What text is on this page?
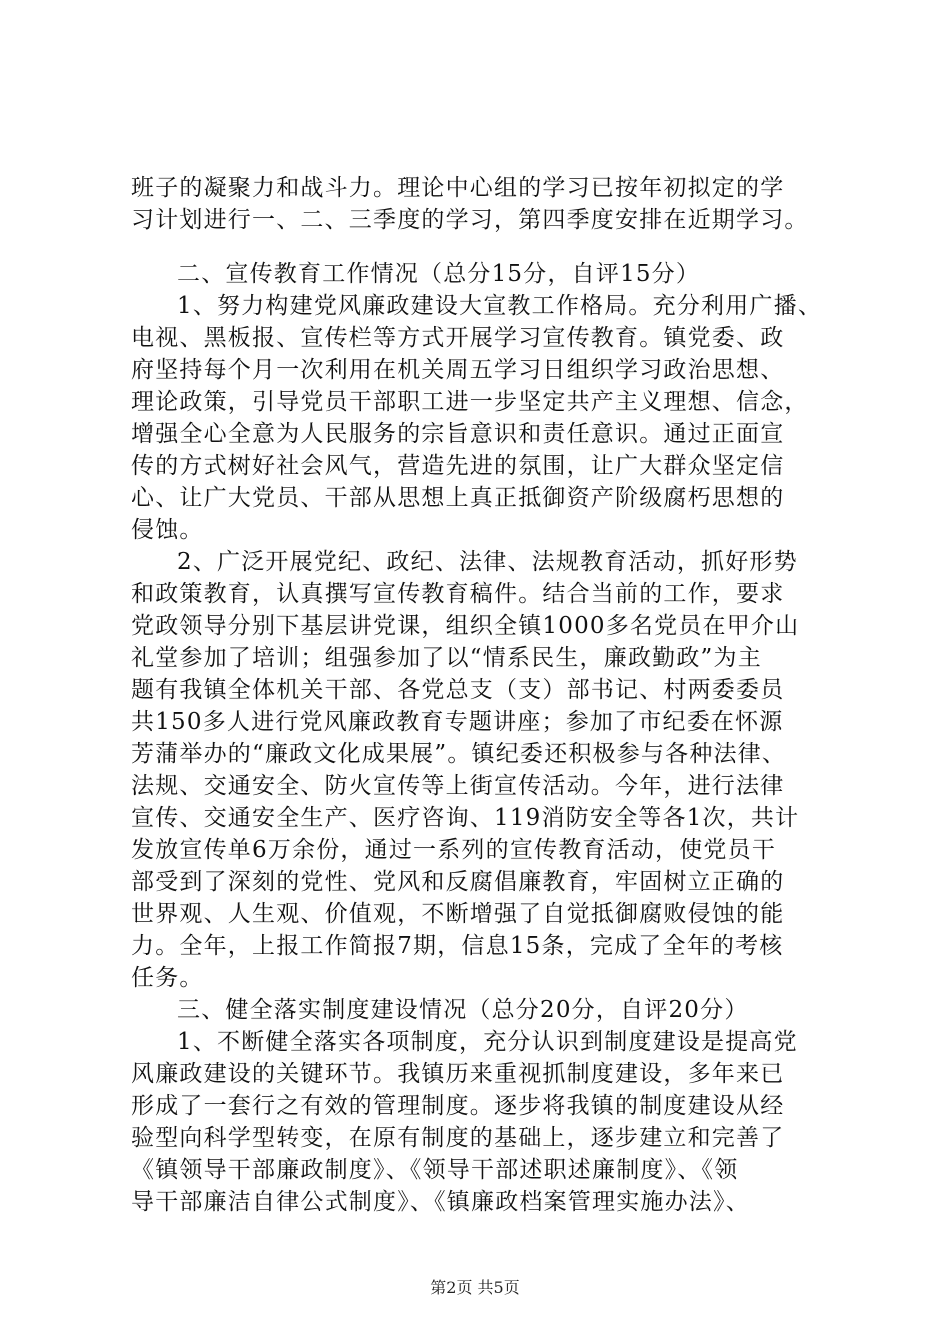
班子的凝聚力和战斗力。理论中心组的学习已按年初拟定的学
习计划进行一、二、三季度的学习，第四季度安排在近期学习。
二、宣传教育工作情况（总分15分，自评15分）
1、努力构建党风廉政建设大宣教工作格局。充分利用广播、
电视、黑板报、宣传栏等方式开展学习宣传教育。镇党委、政
府坚持每个月一次利用在机关周五学习日组织学习政治思想、
理论政策，引导党员干部职工进一步坚定共产主义理想、信念，
增强全心全意为人民服务的宗旨意识和责任意识。通过正面宣
传的方式树好社会风气，营造先进的氛围，让广大群众坚定信
心、让广大党员、干部从思想上真正抵御资产阶级腐朽思想的
侵蚀。
2、广泛开展党纪、政纪、法律、法规教育活动，抓好形势
和政策教育，认真撰写宣传教育稿件。结合当前的工作，要求
党政领导分别下基层讲党课，组织全镇1000多名党员在甲介山
礼堂参加了培训；组强参加了以“情系民生，廉政勤政”为主
题有我镇全体机关干部、各党总支（支）部书记、村两委委员
共150多人进行党风廉政教育专题讲座；参加了市纪委在怀源
芳蒲举办的“廉政文化成果展”。镇纪委还积极参与各种法律、
法规、交通安全、防火宣传等上街宣传活动。今年，进行法律
宣传、交通安全生产、医疗咨询、119消防安全等各1次，共计
发放宣传单6万余份，通过一系列的宣传教育活动，使党员干
部受到了深刻的党性、党风和反腐倡廉教育，牢固树立正确的
世界观、人生观、价值观，不断增强了自觉抵御腐败侵蚀的能
力。全年，上报工作简报7期，信息15条，完成了全年的考核
任务。
三、健全落实制度建设情况（总分20分，自评20分）
1、不断健全落实各项制度，充分认识到制度建设是提高党
风廉政建设的关键环节。我镇历来重视抓制度建设，多年来已
形成了一套行之有效的管理制度。逐步将我镇的制度建设从经
验型向科学型转变，在原有制度的基础上，逐步建立和完善了
《镇领导干部廉政制度》、《领导干部述职述廉制度》、《领
导干部廉洁自律公式制度》、《镇廉政档案管理实施办法》、
第2页 共5页
